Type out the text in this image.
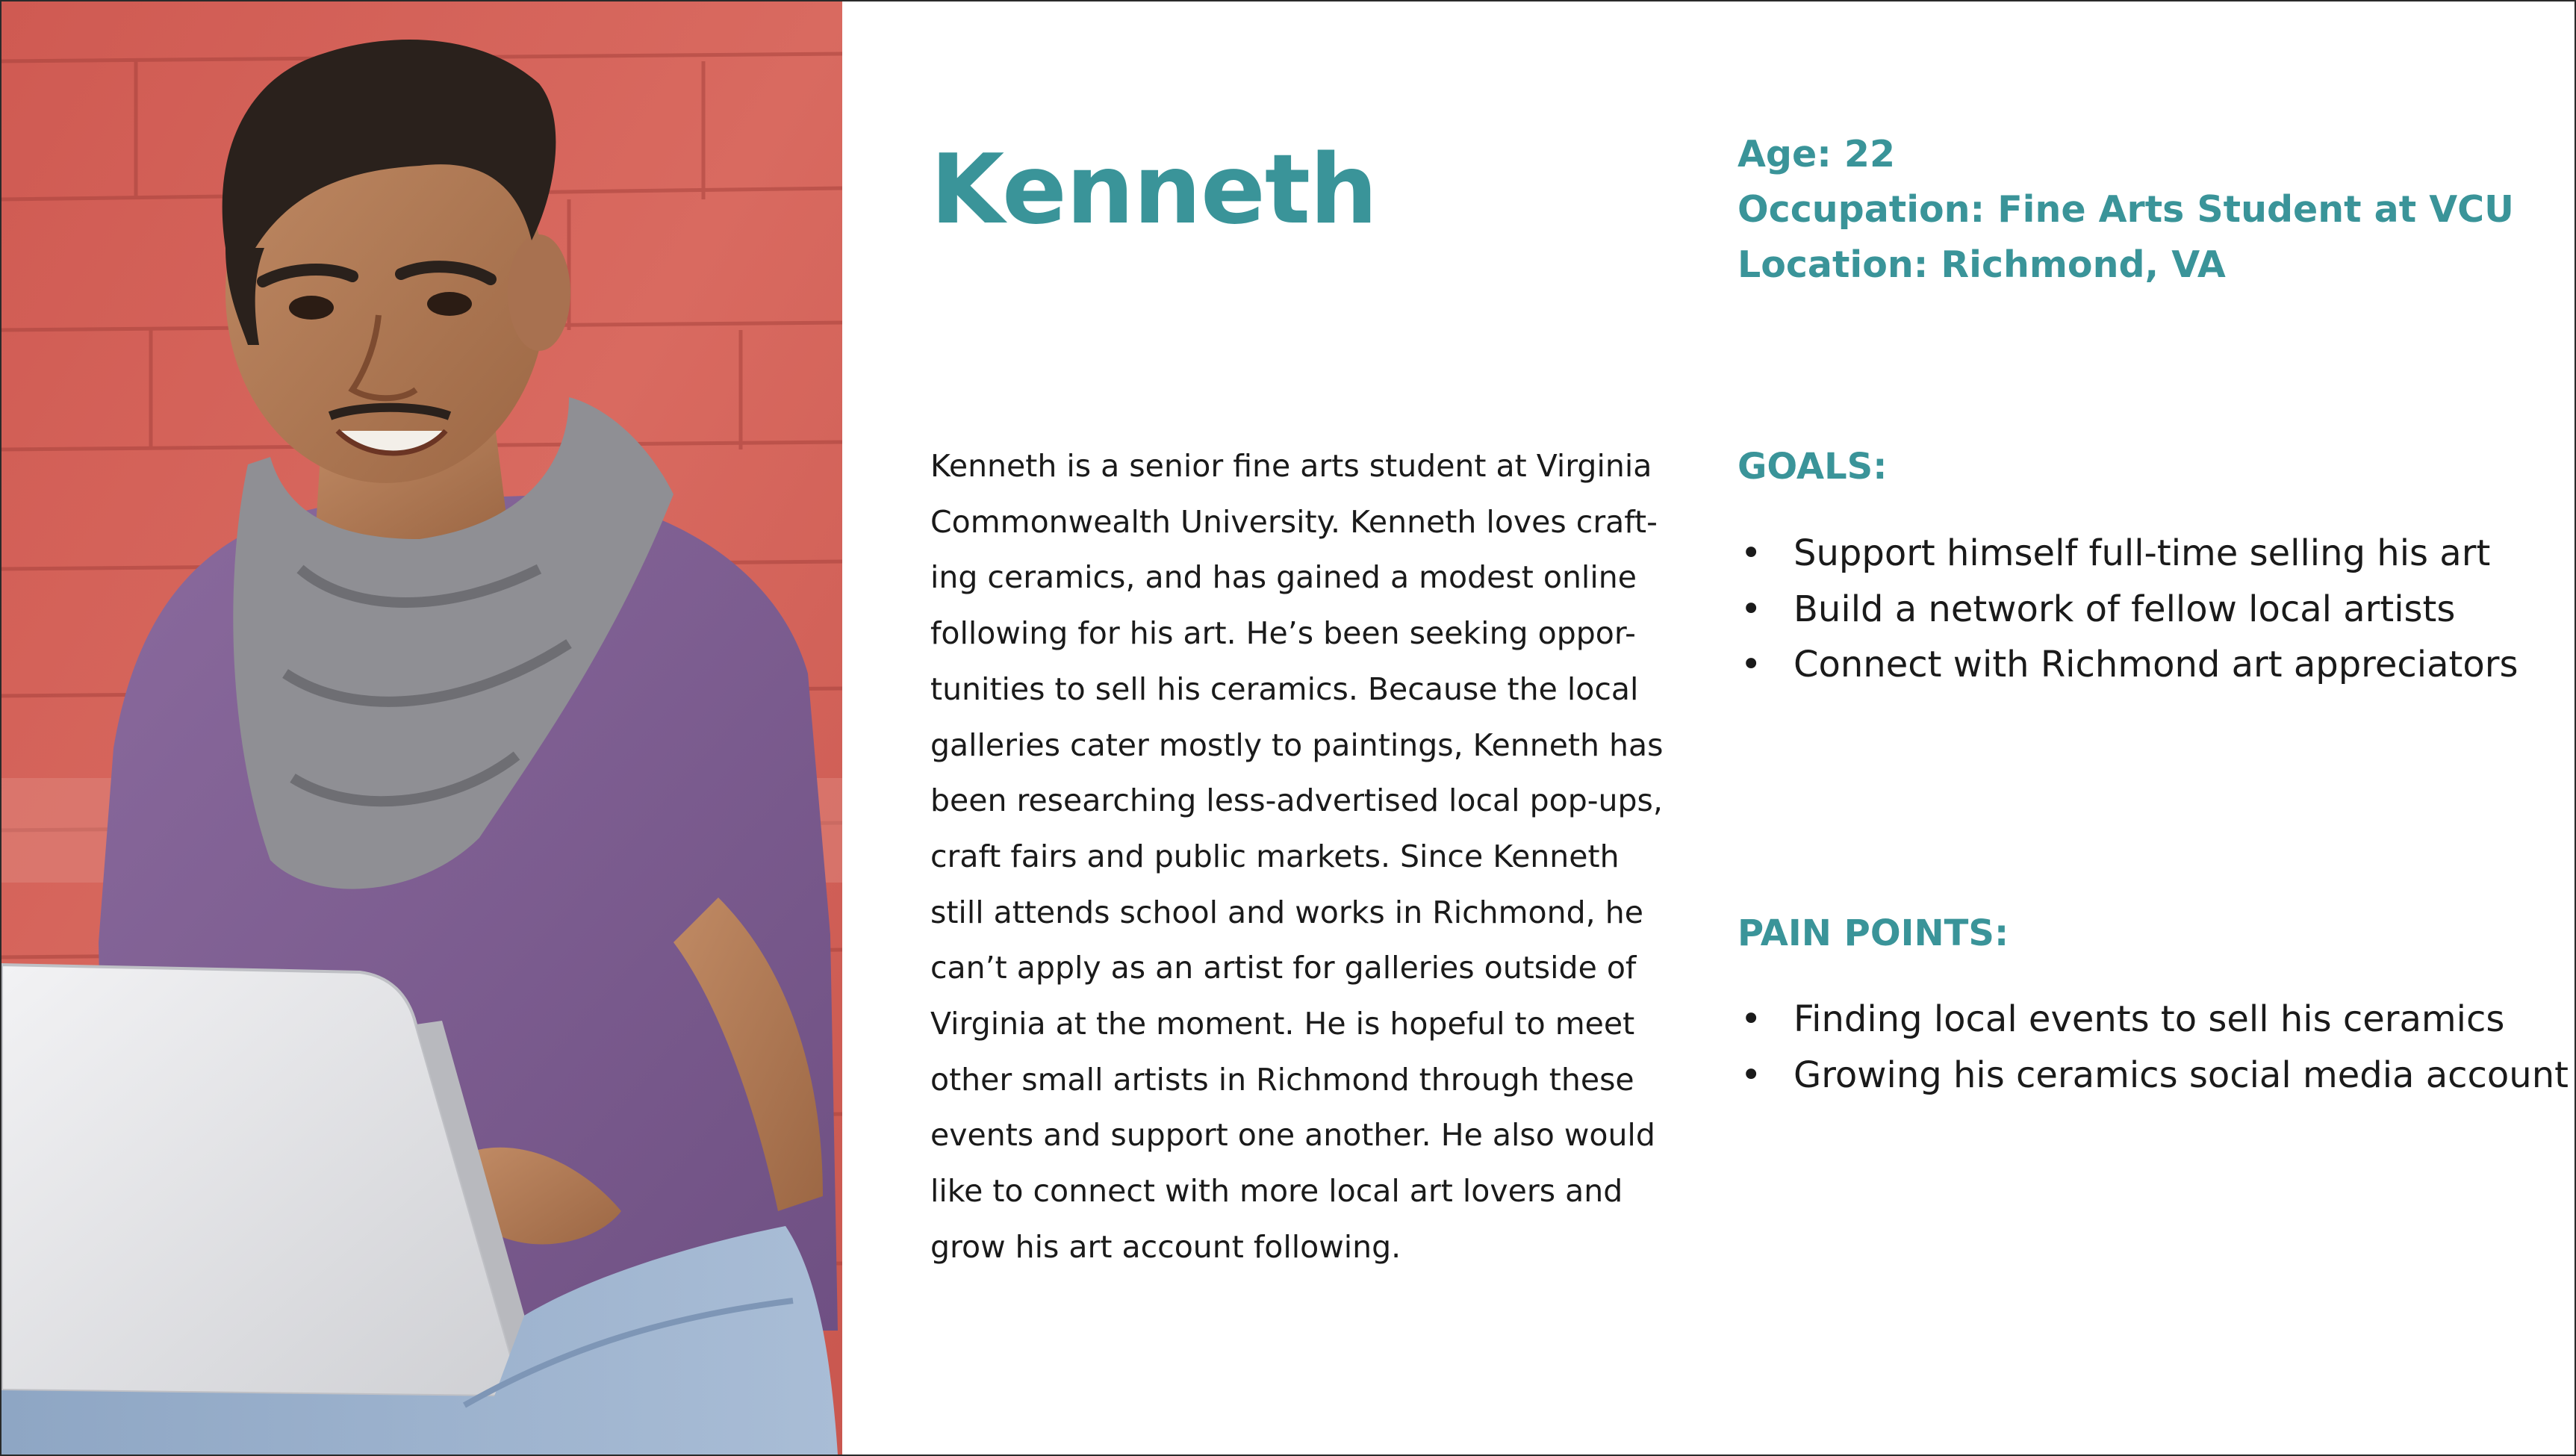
Kenneth	Age: 22
Occupation: Fine Arts Student at VCU
Location: Richmond, VA

Kenneth is a senior fine arts student at Virginia
Commonwealth University. Kenneth loves craft-
ing ceramics, and has gained a modest online
following for his art. He’s been seeking oppor-
tunities to sell his ceramics. Because the local
galleries cater mostly to paintings, Kenneth has
been researching less-advertised local pop-ups,
craft fairs and public markets. Since Kenneth
still attends school and works in Richmond, he
can’t apply as an artist for galleries outside of
Virginia at the moment. He is hopeful to meet
other small artists in Richmond through these
events and support one another. He also would
like to connect with more local art lovers and
grow his art account following.

GOALS:
• Support himself full-time selling his art
• Build a network of fellow local artists
• Connect with Richmond art appreciators
PAIN POINTS:
• Finding local events to sell his ceramics
• Growing his ceramics social media account
